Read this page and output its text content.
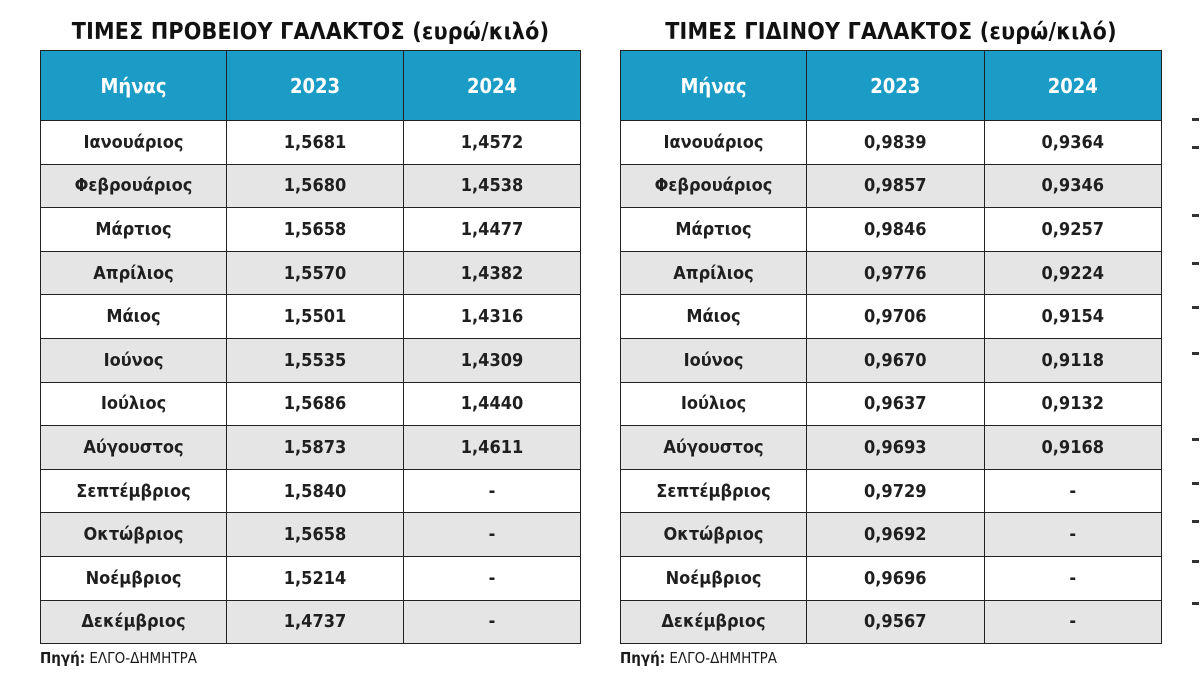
ΤΙΜΕΣ ΠΡΟΒΕΙΟΥ ΓΑΛΑΚΤΟΣ (ευρώ/κιλό)
Μήνας	2023	2024
Ιανουάριος	1,5681	1,4572
Φεβρουάριος	1,5680	1,4538
Μάρτιος	1,5658	1,4477
Απρίλιος	1,5570	1,4382
Μάιος	1,5501	1,4316
Ιούνος	1,5535	1,4309
Ιούλιος	1,5686	1,4440
Αύγουστος	1,5873	1,4611
Σεπτέμβριος	1,5840	-
Οκτώβριος	1,5658	-
Νοέμβριος	1,5214	-
Δεκέμβριος	1,4737	-
Πηγή: ΕΛΓΟ-ΔΗΜΗΤΡΑ
ΤΙΜΕΣ ΓΙΔΙΝΟΥ ΓΑΛΑΚΤΟΣ (ευρώ/κιλό)
Μήνας	2023	2024
Ιανουάριος	0,9839	0,9364
Φεβρουάριος	0,9857	0,9346
Μάρτιος	0,9846	0,9257
Απρίλιος	0,9776	0,9224
Μάιος	0,9706	0,9154
Ιούνος	0,9670	0,9118
Ιούλιος	0,9637	0,9132
Αύγουστος	0,9693	0,9168
Σεπτέμβριος	0,9729	-
Οκτώβριος	0,9692	-
Νοέμβριος	0,9696	-
Δεκέμβριος	0,9567	-
Πηγή: ΕΛΓΟ-ΔΗΜΗΤΡΑ
